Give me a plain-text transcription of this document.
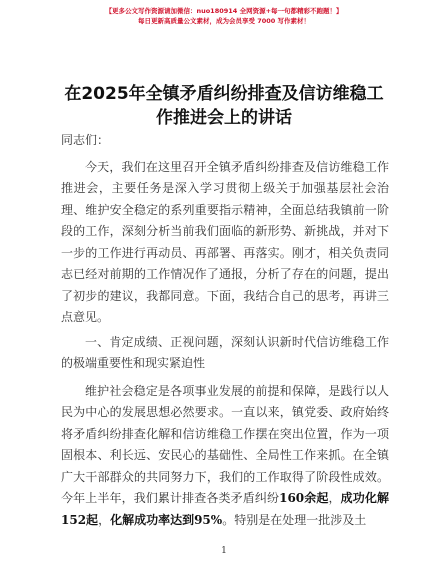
【更多公文写作资源请加微信：nuo180914 全网资源+每一句都精彩不跑题！】
每日更新高质量公文素材，成为会员享受 7000 写作素材！
在2025年全镇矛盾纠纷排查及信访维稳工作推进会上的讲话

同志们：

今天，我们在这里召开全镇矛盾纠纷排查及信访维稳工作推进会，主要任务是深入学习贯彻上级关于加强基层社会治理、维护安全稳定的系列重要指示精神，全面总结我镇前一阶段的工作，深刻分析当前我们面临的新形势、新挑战，并对下一步的工作进行再动员、再部署、再落实。刚才，相关负责同志已经对前期的工作情况作了通报，分析了存在的问题，提出了初步的建议，我都同意。下面，我结合自己的思考，再讲三点意见。

一、肯定成绩、正视问题，深刻认识新时代信访维稳工作的极端重要性和现实紧迫性

维护社会稳定是各项事业发展的前提和保障，是践行以人民为中心的发展思想必然要求。一直以来，镇党委、政府始终将矛盾纠纷排查化解和信访维稳工作摆在突出位置，作为一项固根本、利长远、安民心的基础性、全局性工作来抓。在全镇广大干部群众的共同努力下，我们的工作取得了阶段性成效。今年上半年，我们累计排查各类矛盾纠纷160余起，成功化解152起，化解成功率达到95%。特别是在处理一批涉及土

1
